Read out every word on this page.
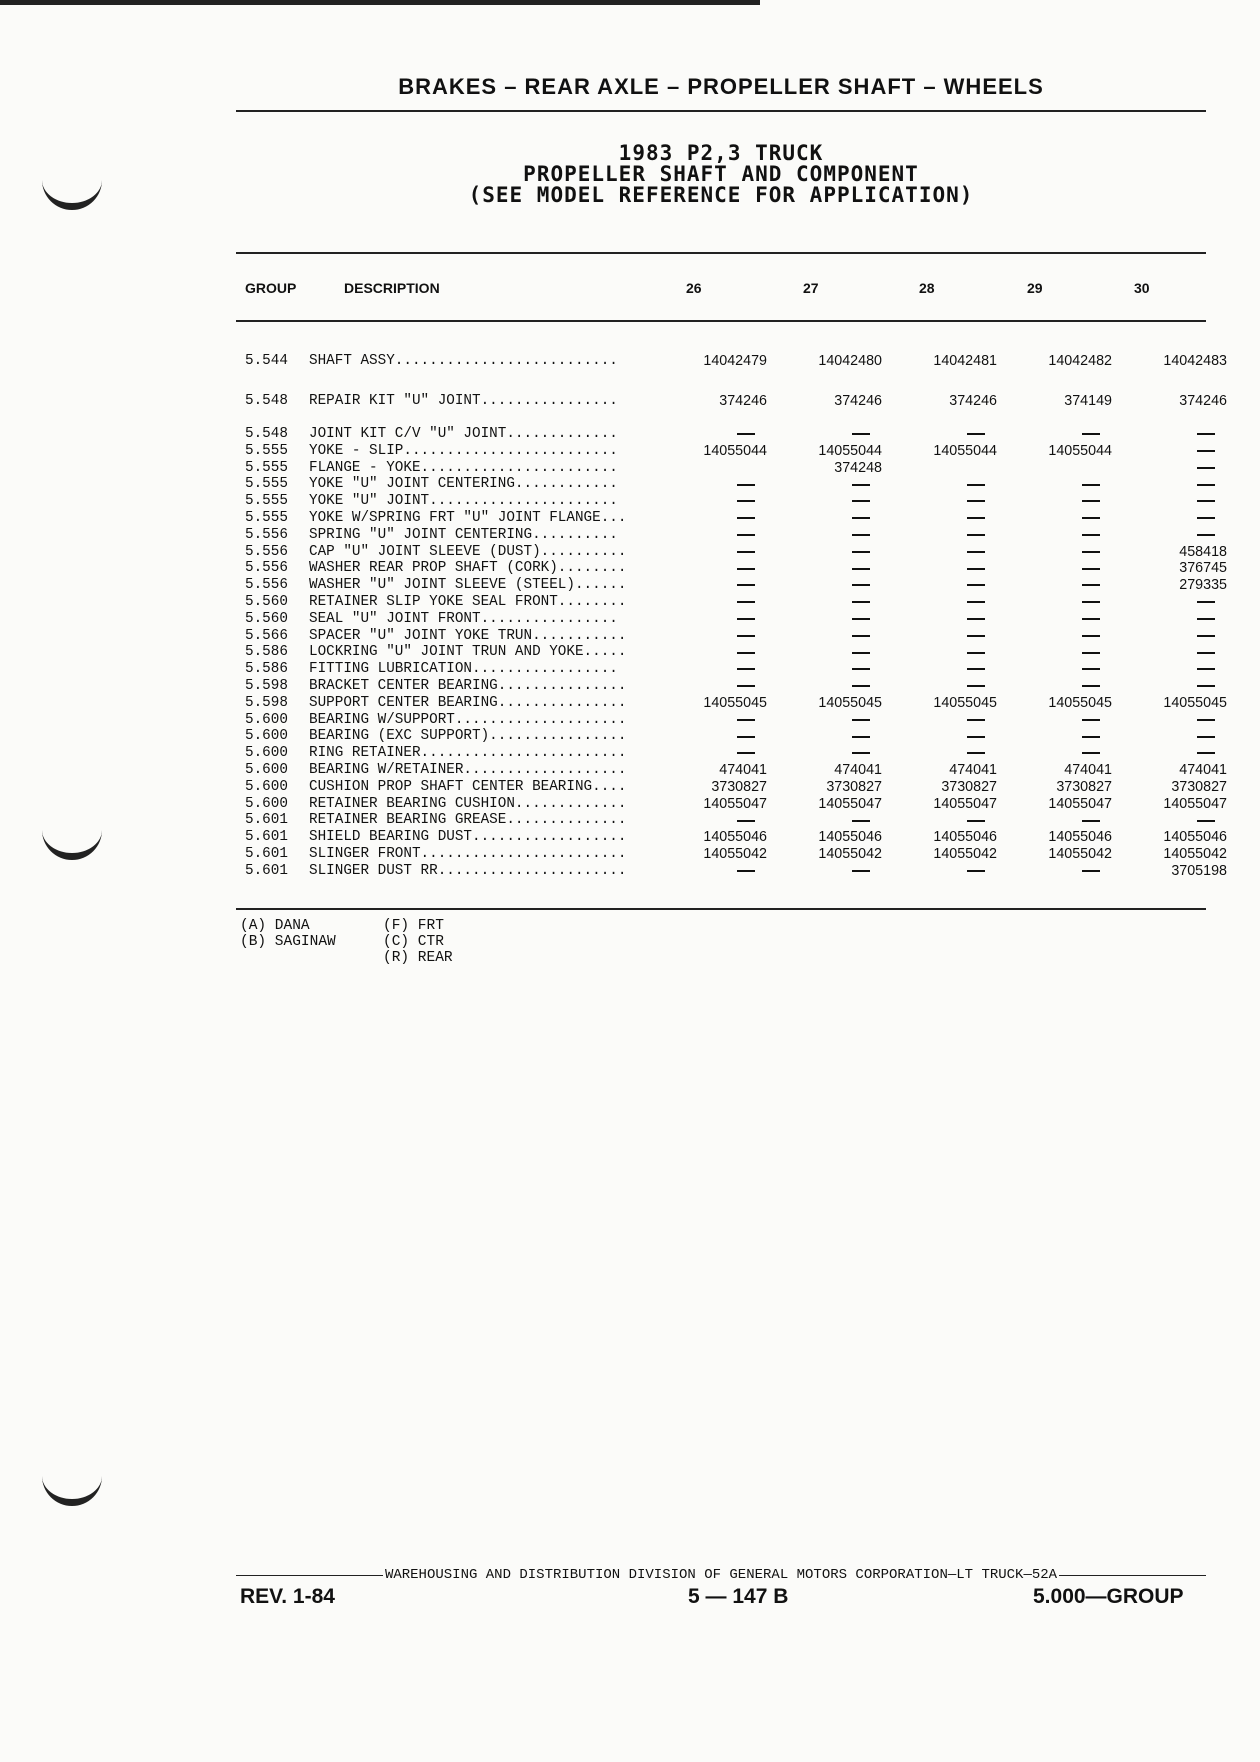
BRAKES – REAR AXLE – PROPELLER SHAFT – WHEELS
1983 P2,3 TRUCK
PROPELLER SHAFT AND COMPONENT
(SEE MODEL REFERENCE FOR APPLICATION)
GROUP	DESCRIPTION	26	27	28	29	30
5.544	SHAFT ASSY..........................	14042479	14042480	14042481	14042482	14042483
5.548	REPAIR KIT "U" JOINT................	374246	374246	374246	374149	374246
5.548	JOINT KIT C/V "U" JOINT.............					
5.555	YOKE - SLIP.........................	14055044	14055044	14055044	14055044	
5.555	FLANGE - YOKE.......................		374248			
5.555	YOKE "U" JOINT CENTERING............					
5.555	YOKE "U" JOINT......................					
5.555	YOKE W/SPRING FRT "U" JOINT FLANGE...					
5.556	SPRING "U" JOINT CENTERING..........					
5.556	CAP "U" JOINT SLEEVE (DUST)..........					458418
5.556	WASHER REAR PROP SHAFT (CORK)........					376745
5.556	WASHER "U" JOINT SLEEVE (STEEL)......					279335
5.560	RETAINER SLIP YOKE SEAL FRONT........					
5.560	SEAL "U" JOINT FRONT................					
5.566	SPACER "U" JOINT YOKE TRUN...........					
5.586	LOCKRING "U" JOINT TRUN AND YOKE.....					
5.586	FITTING LUBRICATION.................					
5.598	BRACKET CENTER BEARING...............					
5.598	SUPPORT CENTER BEARING...............	14055045	14055045	14055045	14055045	14055045
5.600	BEARING W/SUPPORT....................					
5.600	BEARING (EXC SUPPORT)................					
5.600	RING RETAINER........................					
5.600	BEARING W/RETAINER...................	474041	474041	474041	474041	474041
5.600	CUSHION PROP SHAFT CENTER BEARING....	3730827	3730827	3730827	3730827	3730827
5.600	RETAINER BEARING CUSHION.............	14055047	14055047	14055047	14055047	14055047
5.601	RETAINER BEARING GREASE..............					
5.601	SHIELD BEARING DUST..................	14055046	14055046	14055046	14055046	14055046
5.601	SLINGER FRONT........................	14055042	14055042	14055042	14055042	14055042
5.601	SLINGER DUST RR......................					3705198
(A) DANA
(B) SAGINAW
(F) FRT
(C) CTR
(R) REAR
WAREHOUSING AND DISTRIBUTION DIVISION OF GENERAL MOTORS CORPORATION—LT TRUCK—52A
REV. 1-84	5 — 147 B	5.000—GROUP
